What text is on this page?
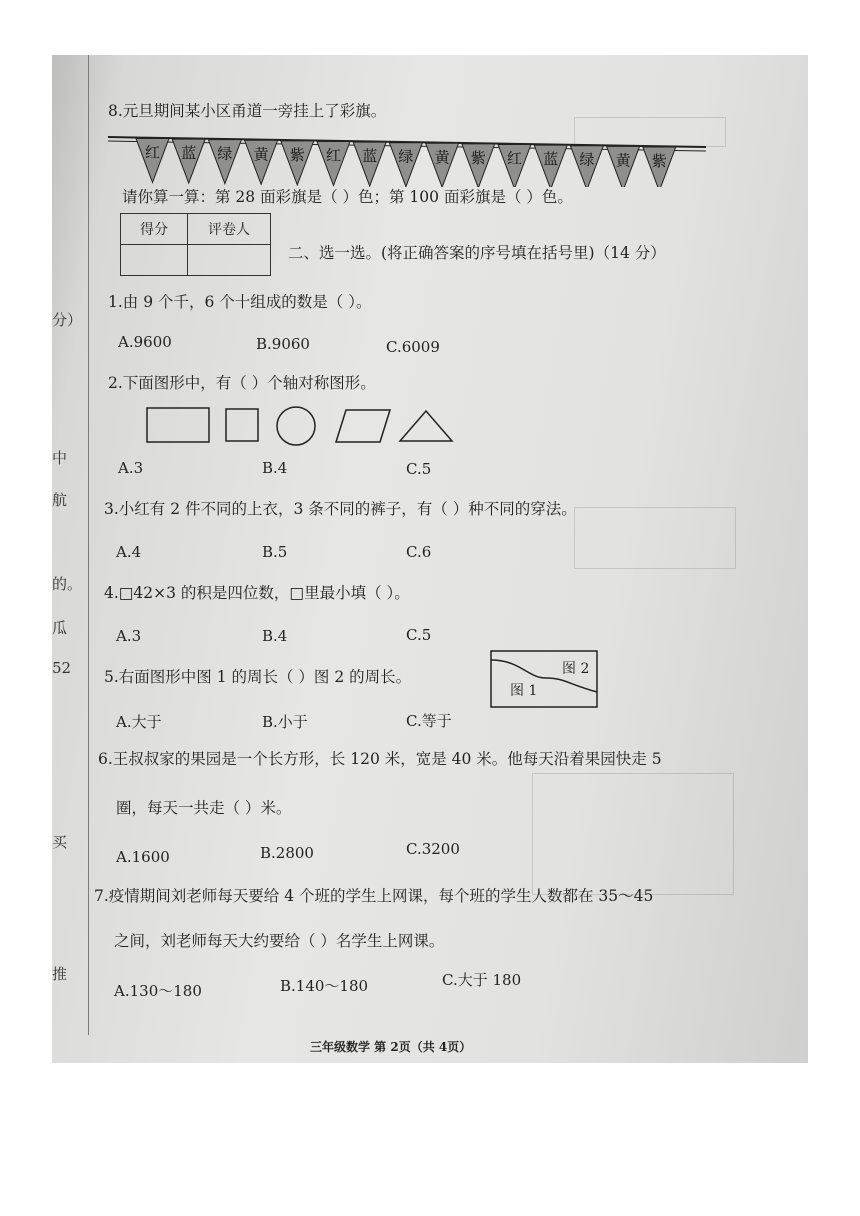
分）
中
航
的。
瓜
52
买
推
8.元旦期间某小区甬道一旁挂上了彩旗。
红 蓝 绿 黄 紫 红 蓝 绿 黄 紫 红 蓝 绿 黄 紫
请你算一算：第 28 面彩旗是（ ）色；第 100 面彩旗是（ ）色。
得分	评卷人

二、选一选。(将正确答案的序号填在括号里)（14 分）
1.由 9 个千，6 个十组成的数是（ ）。
A.9600	B.9060	C.6009
2.下面图形中，有（ ）个轴对称图形。
A.3	B.4	C.5
3.小红有 2 件不同的上衣，3 条不同的裤子，有（ ）种不同的穿法。
A.4	B.5	C.6
4.□42×3 的积是四位数，□里最小填（ ）。
A.3	B.4	C.5
5.右面图形中图 1 的周长（ ）图 2 的周长。	图 2
图 1
A.大于	B.小于	C.等于
6.王叔叔家的果园是一个长方形，长 120 米，宽是 40 米。他每天沿着果园快走 5
圈，每天一共走（ ）米。
A.1600	B.2800	C.3200
7.疫情期间刘老师每天要给 4 个班的学生上网课，每个班的学生人数都在 35～45
之间，刘老师每天大约要给（ ）名学生上网课。
A.130～180	B.140～180	C.大于 180
三年级数学 第 2页（共 4页）
